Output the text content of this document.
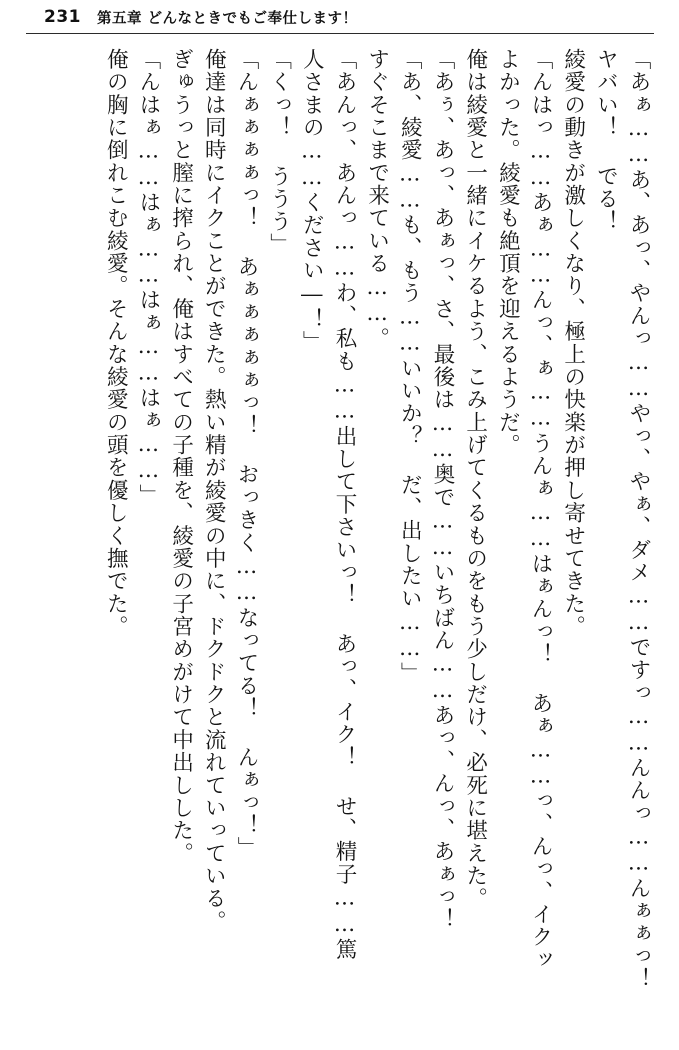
231 第五章 どんなときでもご奉仕します！

「あぁ……あ、あっ、やんっ……やっ、やぁ、ダメ……ですっ……んんっ……んぁぁっ！ ヤバい！ でる！

綾愛の動きが激しくなり、極上の快楽が押し寄せてきた。

「んはっ……あぁ……んっ、ぁ……うんぁ……はぁんっ！ あぁ……っ、んっ、イクッ

よかった。綾愛も絶頂を迎えるようだ。

俺は綾愛と一緒にイケるよう、こみ上げてくるものをもう少しだけ、必死に堪えた。

「あぅ、あっ、あぁっ、さ、最後は……奥で……いちばん……あっ、んっ、あぁっ！

「あ、綾愛……も、もう……いいか？ だ、出したい……」

すぐそこまで来ている……。

「あんっ、あんっ……わ、私も……出して下さいっ！ あっ、イク！ せ、精子……篤

人さまの……ください―！」

「くっ！ ううう」

「んぁぁぁぁっ！ あぁぁぁぁぁっ！ おっきく……なってる！ んぁっ！」

俺達は同時にイクことができた。熱い精が綾愛の中に、ドクドクと流れていっている。

ぎゅうっと膣に搾られ、俺はすべての子種を、綾愛の子宮めがけて中出しした。

「んはぁ……はぁ……はぁ……はぁ……」

俺の胸に倒れこむ綾愛。そんな綾愛の頭を優しく撫でた。
